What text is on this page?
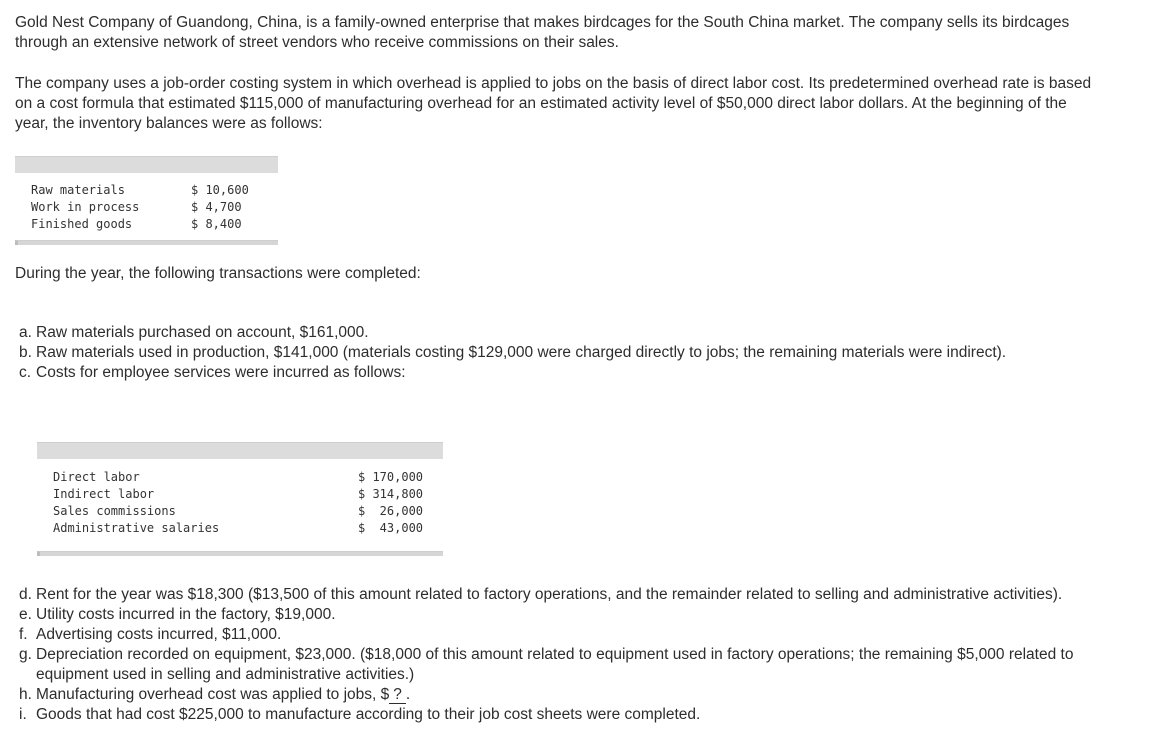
Gold Nest Company of Guandong, China, is a family-owned enterprise that makes birdcages for the South China market. The company sells its birdcages through an extensive network of street vendors who receive commissions on their sales.

The company uses a job-order costing system in which overhead is applied to jobs on the basis of direct labor cost. Its predetermined overhead rate is based on a cost formula that estimated $115,000 of manufacturing overhead for an estimated activity level of $50,000 direct labor dollars. At the beginning of the year, the inventory balances were as follows:

Raw materials	$ 10,600
Work in process	$ 4,700
Finished goods	$ 8,400

During the year, the following transactions were completed:

a. Raw materials purchased on account, $161,000.
b. Raw materials used in production, $141,000 (materials costing $129,000 were charged directly to jobs; the remaining materials were indirect).
c. Costs for employee services were incurred as follows:
Direct labor	$ 170,000
Indirect labor	$ 314,800
Sales commissions	$  26,000
Administrative salaries	$  43,000
d. Rent for the year was $18,300 ($13,500 of this amount related to factory operations, and the remainder related to selling and administrative activities).
e. Utility costs incurred in the factory, $19,000.
f. Advertising costs incurred, $11,000.
g. Depreciation recorded on equipment, $23,000. ($18,000 of this amount related to equipment used in factory operations; the remaining $5,000 related to equipment used in selling and administrative activities.)
h. Manufacturing overhead cost was applied to jobs, $ ? .
i. Goods that had cost $225,000 to manufacture according to their job cost sheets were completed.
